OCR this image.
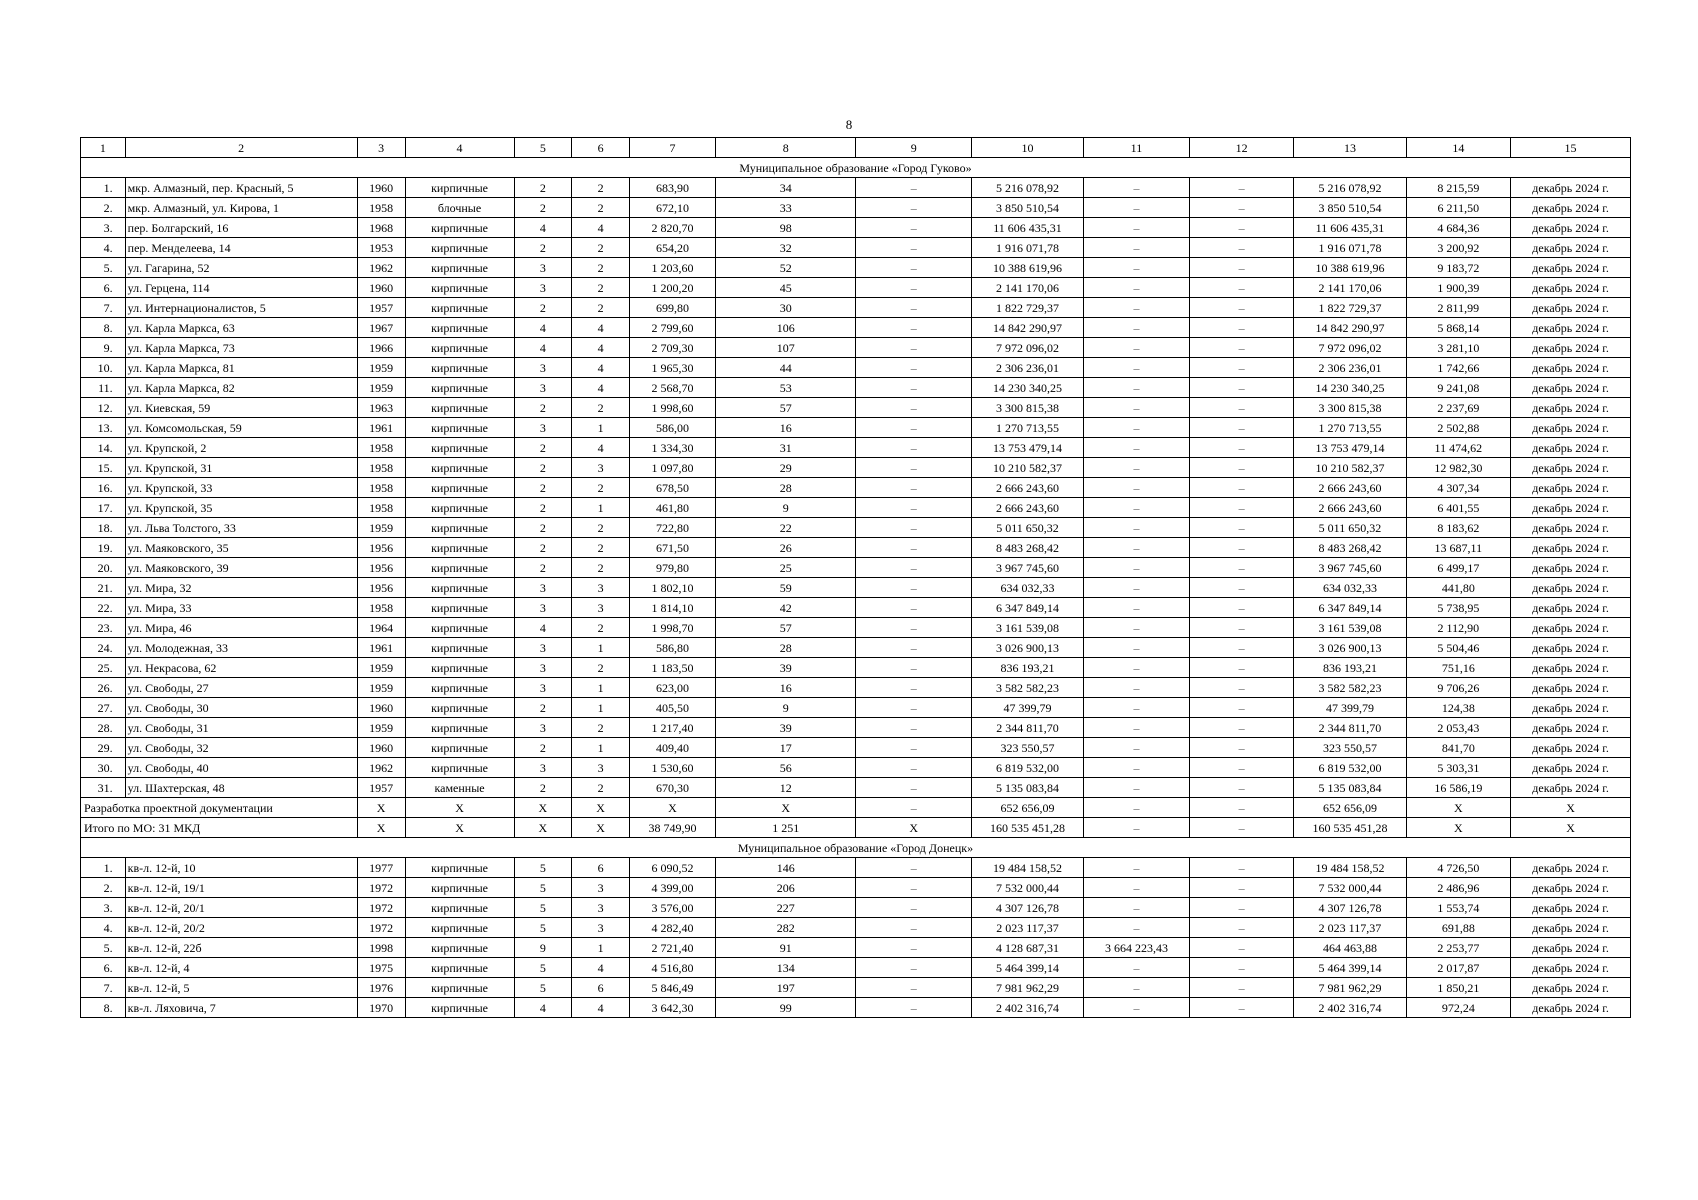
8
1	2	3	4	5	6	7	8	9	10	11	12	13	14	15
Муниципальное образование «Город Гуково»														
1.	мкр. Алмазный, пер. Красный, 5	1960	кирпичные	2	2	683,90	34	–	5 216 078,92	–	–	5 216 078,92	8 215,59	декабрь 2024 г.
2.	мкр. Алмазный, ул. Кирова, 1	1958	блочные	2	2	672,10	33	–	3 850 510,54	–	–	3 850 510,54	6 211,50	декабрь 2024 г.
3.	пер. Болгарский, 16	1968	кирпичные	4	4	2 820,70	98	–	11 606 435,31	–	–	11 606 435,31	4 684,36	декабрь 2024 г.
4.	пер. Менделеева, 14	1953	кирпичные	2	2	654,20	32	–	1 916 071,78	–	–	1 916 071,78	3 200,92	декабрь 2024 г.
5.	ул. Гагарина, 52	1962	кирпичные	3	2	1 203,60	52	–	10 388 619,96	–	–	10 388 619,96	9 183,72	декабрь 2024 г.
6.	ул. Герцена, 114	1960	кирпичные	3	2	1 200,20	45	–	2 141 170,06	–	–	2 141 170,06	1 900,39	декабрь 2024 г.
7.	ул. Интернационалистов, 5	1957	кирпичные	2	2	699,80	30	–	1 822 729,37	–	–	1 822 729,37	2 811,99	декабрь 2024 г.
8.	ул. Карла Маркса, 63	1967	кирпичные	4	4	2 799,60	106	–	14 842 290,97	–	–	14 842 290,97	5 868,14	декабрь 2024 г.
9.	ул. Карла Маркса, 73	1966	кирпичные	4	4	2 709,30	107	–	7 972 096,02	–	–	7 972 096,02	3 281,10	декабрь 2024 г.
10.	ул. Карла Маркса, 81	1959	кирпичные	3	4	1 965,30	44	–	2 306 236,01	–	–	2 306 236,01	1 742,66	декабрь 2024 г.
11.	ул. Карла Маркса, 82	1959	кирпичные	3	4	2 568,70	53	–	14 230 340,25	–	–	14 230 340,25	9 241,08	декабрь 2024 г.
12.	ул. Киевская, 59	1963	кирпичные	2	2	1 998,60	57	–	3 300 815,38	–	–	3 300 815,38	2 237,69	декабрь 2024 г.
13.	ул. Комсомольская, 59	1961	кирпичные	3	1	586,00	16	–	1 270 713,55	–	–	1 270 713,55	2 502,88	декабрь 2024 г.
14.	ул. Крупской, 2	1958	кирпичные	2	4	1 334,30	31	–	13 753 479,14	–	–	13 753 479,14	11 474,62	декабрь 2024 г.
15.	ул. Крупской, 31	1958	кирпичные	2	3	1 097,80	29	–	10 210 582,37	–	–	10 210 582,37	12 982,30	декабрь 2024 г.
16.	ул. Крупской, 33	1958	кирпичные	2	2	678,50	28	–	2 666 243,60	–	–	2 666 243,60	4 307,34	декабрь 2024 г.
17.	ул. Крупской, 35	1958	кирпичные	2	1	461,80	9	–	2 666 243,60	–	–	2 666 243,60	6 401,55	декабрь 2024 г.
18.	ул. Льва Толстого, 33	1959	кирпичные	2	2	722,80	22	–	5 011 650,32	–	–	5 011 650,32	8 183,62	декабрь 2024 г.
19.	ул. Маяковского, 35	1956	кирпичные	2	2	671,50	26	–	8 483 268,42	–	–	8 483 268,42	13 687,11	декабрь 2024 г.
20.	ул. Маяковского, 39	1956	кирпичные	2	2	979,80	25	–	3 967 745,60	–	–	3 967 745,60	6 499,17	декабрь 2024 г.
21.	ул. Мира, 32	1956	кирпичные	3	3	1 802,10	59	–	634 032,33	–	–	634 032,33	441,80	декабрь 2024 г.
22.	ул. Мира, 33	1958	кирпичные	3	3	1 814,10	42	–	6 347 849,14	–	–	6 347 849,14	5 738,95	декабрь 2024 г.
23.	ул. Мира, 46	1964	кирпичные	4	2	1 998,70	57	–	3 161 539,08	–	–	3 161 539,08	2 112,90	декабрь 2024 г.
24.	ул. Молодежная, 33	1961	кирпичные	3	1	586,80	28	–	3 026 900,13	–	–	3 026 900,13	5 504,46	декабрь 2024 г.
25.	ул. Некрасова, 62	1959	кирпичные	3	2	1 183,50	39	–	836 193,21	–	–	836 193,21	751,16	декабрь 2024 г.
26.	ул. Свободы, 27	1959	кирпичные	3	1	623,00	16	–	3 582 582,23	–	–	3 582 582,23	9 706,26	декабрь 2024 г.
27.	ул. Свободы, 30	1960	кирпичные	2	1	405,50	9	–	47 399,79	–	–	47 399,79	124,38	декабрь 2024 г.
28.	ул. Свободы, 31	1959	кирпичные	3	2	1 217,40	39	–	2 344 811,70	–	–	2 344 811,70	2 053,43	декабрь 2024 г.
29.	ул. Свободы, 32	1960	кирпичные	2	1	409,40	17	–	323 550,57	–	–	323 550,57	841,70	декабрь 2024 г.
30.	ул. Свободы, 40	1962	кирпичные	3	3	1 530,60	56	–	6 819 532,00	–	–	6 819 532,00	5 303,31	декабрь 2024 г.
31.	ул. Шахтерская, 48	1957	каменные	2	2	670,30	12	–	5 135 083,84	–	–	5 135 083,84	16 586,19	декабрь 2024 г.
Разработка проектной документации		X	X	X	X	X	X	–	652 656,09	–	–	652 656,09	X	X
Итого по МО: 31 МКД		X	X	X	X	38 749,90	1 251	X	160 535 451,28	–	–	160 535 451,28	X	X
Муниципальное образование «Город Донецк»														
1.	кв-л. 12-й, 10	1977	кирпичные	5	6	6 090,52	146	–	19 484 158,52	–	–	19 484 158,52	4 726,50	декабрь 2024 г.
2.	кв-л. 12-й, 19/1	1972	кирпичные	5	3	4 399,00	206	–	7 532 000,44	–	–	7 532 000,44	2 486,96	декабрь 2024 г.
3.	кв-л. 12-й, 20/1	1972	кирпичные	5	3	3 576,00	227	–	4 307 126,78	–	–	4 307 126,78	1 553,74	декабрь 2024 г.
4.	кв-л. 12-й, 20/2	1972	кирпичные	5	3	4 282,40	282	–	2 023 117,37	–	–	2 023 117,37	691,88	декабрь 2024 г.
5.	кв-л. 12-й, 22б	1998	кирпичные	9	1	2 721,40	91	–	4 128 687,31	3 664 223,43	–	464 463,88	2 253,77	декабрь 2024 г.
6.	кв-л. 12-й, 4	1975	кирпичные	5	4	4 516,80	134	–	5 464 399,14	–	–	5 464 399,14	2 017,87	декабрь 2024 г.
7.	кв-л. 12-й, 5	1976	кирпичные	5	6	5 846,49	197	–	7 981 962,29	–	–	7 981 962,29	1 850,21	декабрь 2024 г.
8.	кв-л. Ляховича, 7	1970	кирпичные	4	4	3 642,30	99	–	2 402 316,74	–	–	2 402 316,74	972,24	декабрь 2024 г.
